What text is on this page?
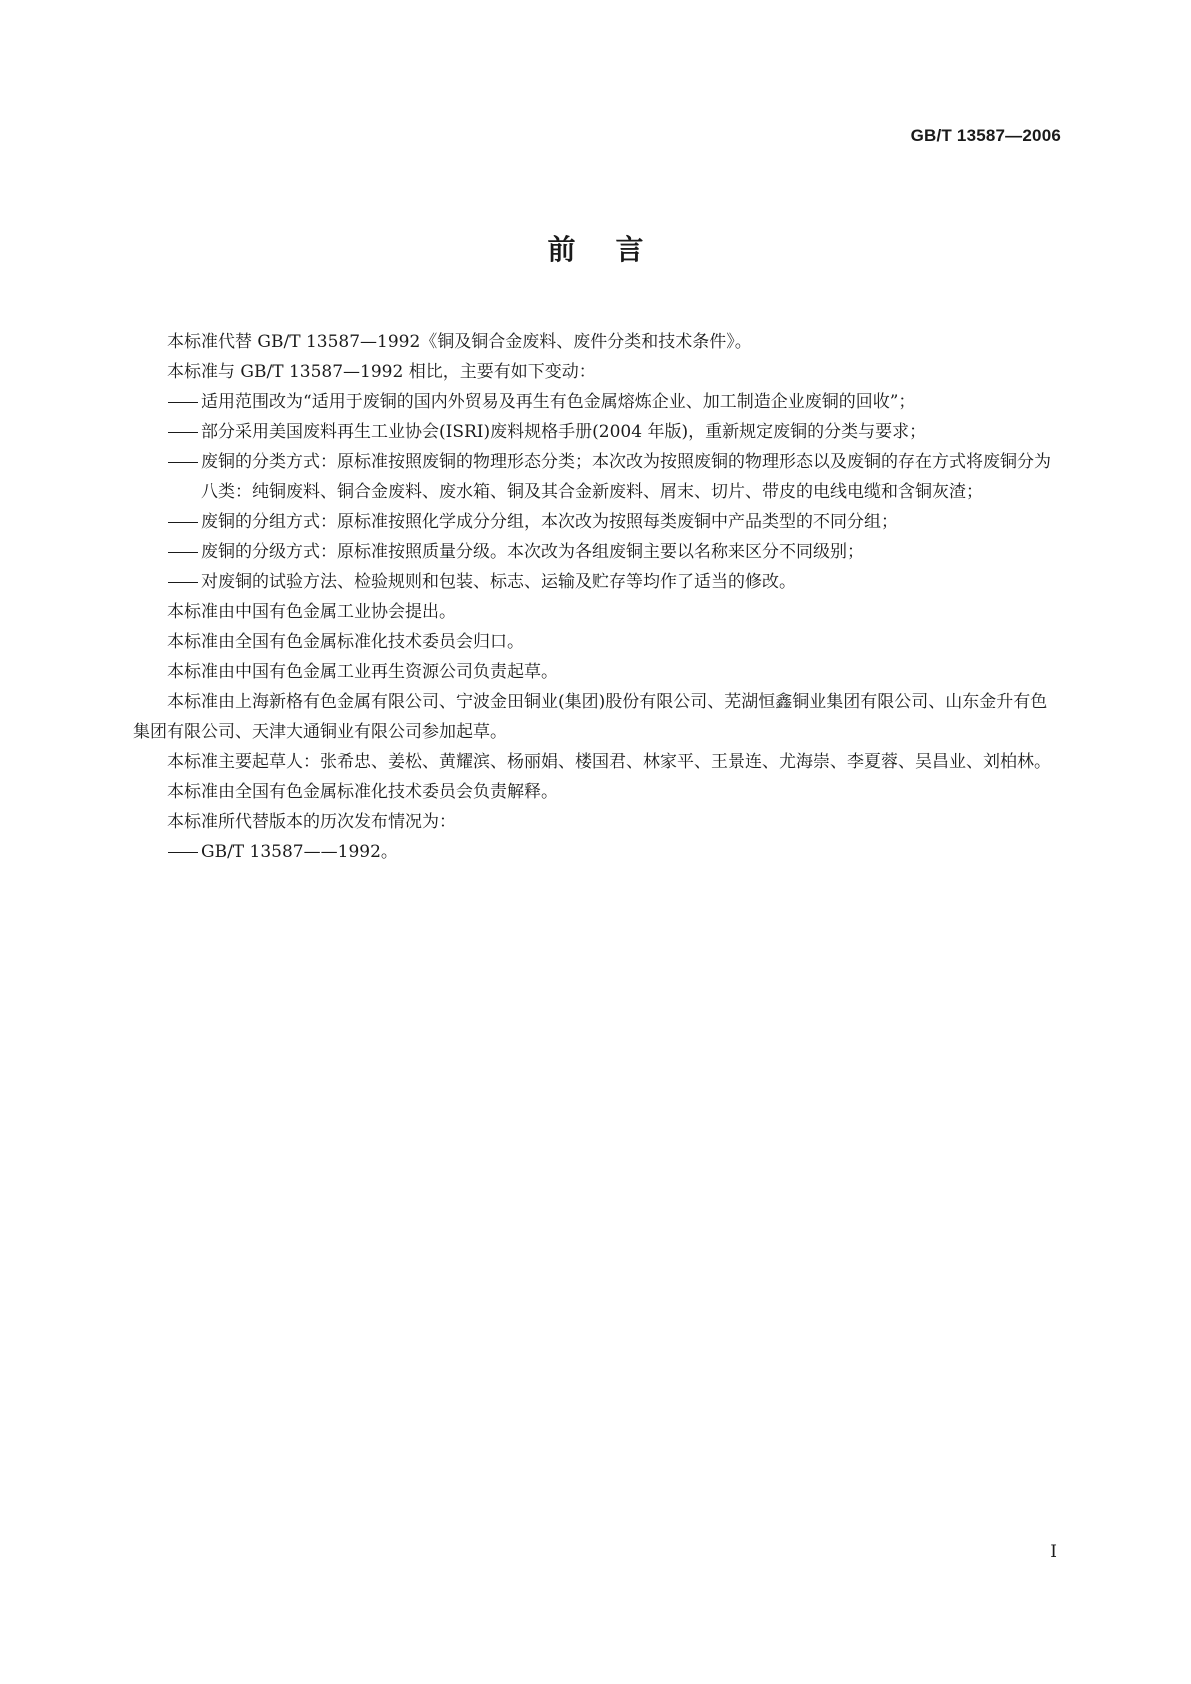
GB/T 13587—2006
前言

本标准代替 GB/T 13587—1992《铜及铜合金废料、废件分类和技术条件》。

本标准与 GB/T 13587—1992 相比，主要有如下变动：

适用范围改为“适用于废铜的国内外贸易及再生有色金属熔炼企业、加工制造企业废铜的回收”；

部分采用美国废料再生工业协会(ISRI)废料规格手册(2004 年版)，重新规定废铜的分类与要求；

废铜的分类方式：原标准按照废铜的物理形态分类；本次改为按照废铜的物理形态以及废铜的存在方式将废铜分为八类：纯铜废料、铜合金废料、废水箱、铜及其合金新废料、屑末、切片、带皮的电线电缆和含铜灰渣；

废铜的分组方式：原标准按照化学成分分组，本次改为按照每类废铜中产品类型的不同分组；

废铜的分级方式：原标准按照质量分级。本次改为各组废铜主要以名称来区分不同级别；

对废铜的试验方法、检验规则和包装、标志、运输及贮存等均作了适当的修改。

本标准由中国有色金属工业协会提出。

本标准由全国有色金属标准化技术委员会归口。

本标准由中国有色金属工业再生资源公司负责起草。

本标准由上海新格有色金属有限公司、宁波金田铜业(集团)股份有限公司、芜湖恒鑫铜业集团有限公司、山东金升有色集团有限公司、天津大通铜业有限公司参加起草。

本标准主要起草人：张希忠、姜松、黄耀滨、杨丽娟、楼国君、林家平、王景连、尤海崇、李夏蓉、吴昌业、刘柏林。

本标准由全国有色金属标准化技术委员会负责解释。

本标准所代替版本的历次发布情况为：

GB/T 13587——1992。

I
